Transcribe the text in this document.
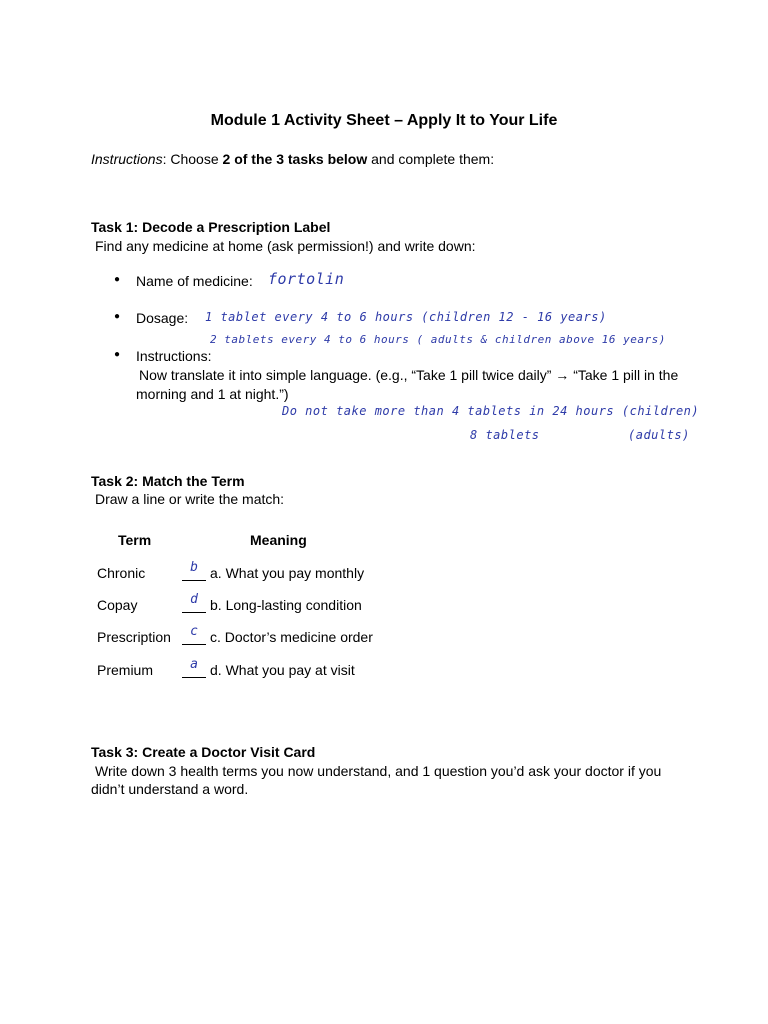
Module 1 Activity Sheet – Apply It to Your Life
Instructions: Choose 2 of the 3 tasks below and complete them:
Task 1: Decode a Prescription Label
Find any medicine at home (ask permission!) and write down:
● Name of medicine: fortolin
● Dosage: 1 tablet every 4 to 6 hours (children 12 - 16 years)
2 tablets every 4 to 6 hours ( adults & children above 16 years)
● Instructions:
Now translate it into simple language. (e.g., “Take 1 pill twice daily” → “Take 1 pill in the
morning and 1 at night.”)
Do not take more than 4 tablets in 24 hours (children)
8 tablets	(adults)
Task 2: Match the Term
Draw a line or write the match:
Term	Meaning
Chronic	$^b$ a. What you pay monthly
Copay	$^d$ b. Long-lasting condition
Prescription	$^c$ c. Doctor’s medicine order
Premium	$^a$ d. What you pay at visit
Task 3: Create a Doctor Visit Card
Write down 3 health terms you now understand, and 1 question you’d ask your doctor if you
didn’t understand a word.
